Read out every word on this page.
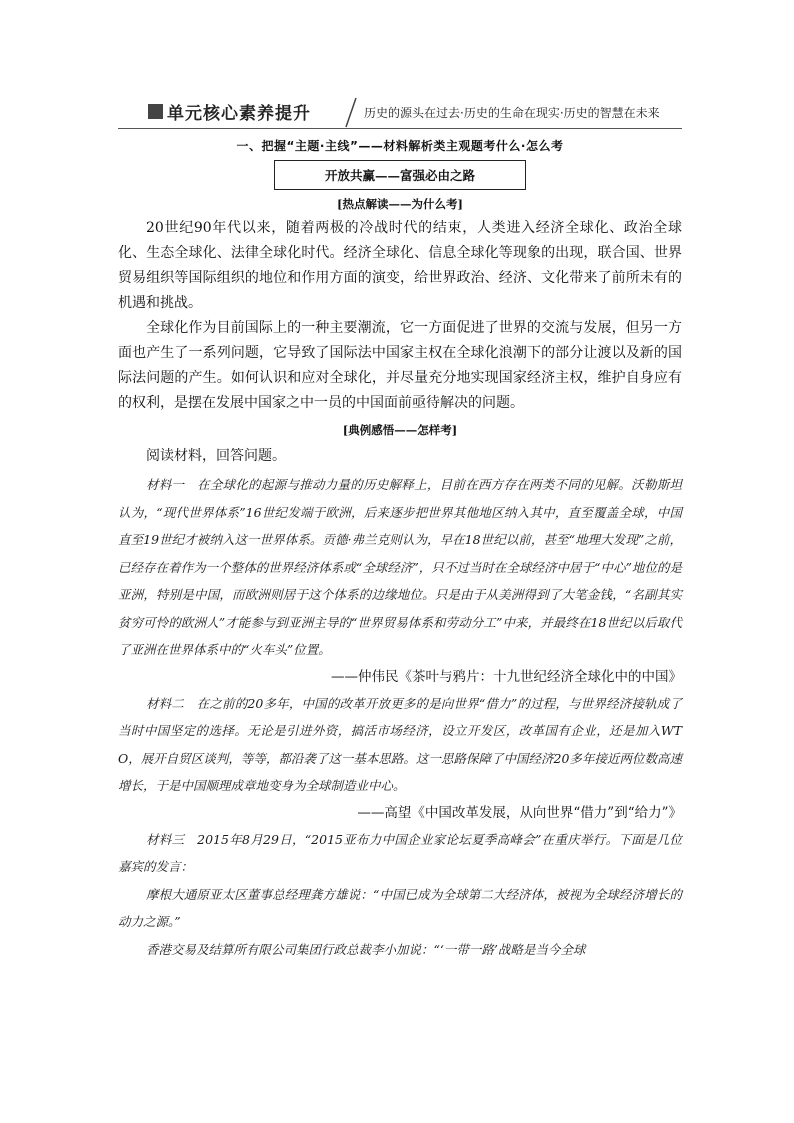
单元核心素养提升	历史的源头在过去·历史的生命在现实·历史的智慧在未来
一、把握“主题·主线”——材料解析类主观题考什么·怎么考
开放共赢——富强必由之路
[热点解读——为什么考]

20世纪90年代以来，随着两极的冷战时代的结束，人类进入经济全球化、政治全球化、生态全球化、法律全球化时代。经济全球化、信息全球化等现象的出现，联合国、世界贸易组织等国际组织的地位和作用方面的演变，给世界政治、经济、文化带来了前所未有的机遇和挑战。

全球化作为目前国际上的一种主要潮流，它一方面促进了世界的交流与发展，但另一方面也产生了一系列问题，它导致了国际法中国家主权在全球化浪潮下的部分让渡以及新的国际法问题的产生。如何认识和应对全球化，并尽量充分地实现国家经济主权，维护自身应有的权利，是摆在发展中国家之中一员的中国面前亟待解决的问题。

[典例感悟——怎样考]

阅读材料，回答问题。

材料一　在全球化的起源与推动力量的历史解释上，目前在西方存在两类不同的见解。沃勒斯坦认为，“现代世界体系”16世纪发端于欧洲，后来逐步把世界其他地区纳入其中，直至覆盖全球，中国直至19世纪才被纳入这一世界体系。贡德·弗兰克则认为，早在18世纪以前，甚至“地理大发现”之前，已经存在着作为一个整体的世界经济体系或“全球经济”，只不过当时在全球经济中居于“中心”地位的是亚洲，特别是中国，而欧洲则居于这个体系的边缘地位。只是由于从美洲得到了大笔金钱，“名副其实贫穷可怜的欧洲人”才能参与到亚洲主导的“世界贸易体系和劳动分工”中来，并最终在18世纪以后取代了亚洲在世界体系中的“火车头”位置。

——仲伟民《茶叶与鸦片：十九世纪经济全球化中的中国》

材料二　在之前的20多年，中国的改革开放更多的是向世界“借力”的过程，与世界经济接轨成了当时中国坚定的选择。无论是引进外资，搞活市场经济，设立开发区，改革国有企业，还是加入WTO，展开自贸区谈判，等等，都沿袭了这一基本思路。这一思路保障了中国经济20多年接近两位数高速增长，于是中国顺理成章地变身为全球制造业中心。

——高望《中国改革发展，从向世界“借力”到“给力”》

材料三　2015年8月29日，“2015亚布力中国企业家论坛夏季高峰会”在重庆举行。下面是几位嘉宾的发言：

摩根大通原亚太区董事总经理龚方雄说：“中国已成为全球第二大经济体，被视为全球经济增长的动力之源。”

香港交易及结算所有限公司集团行政总裁李小加说：“‘一带一路’战略是当今全球
